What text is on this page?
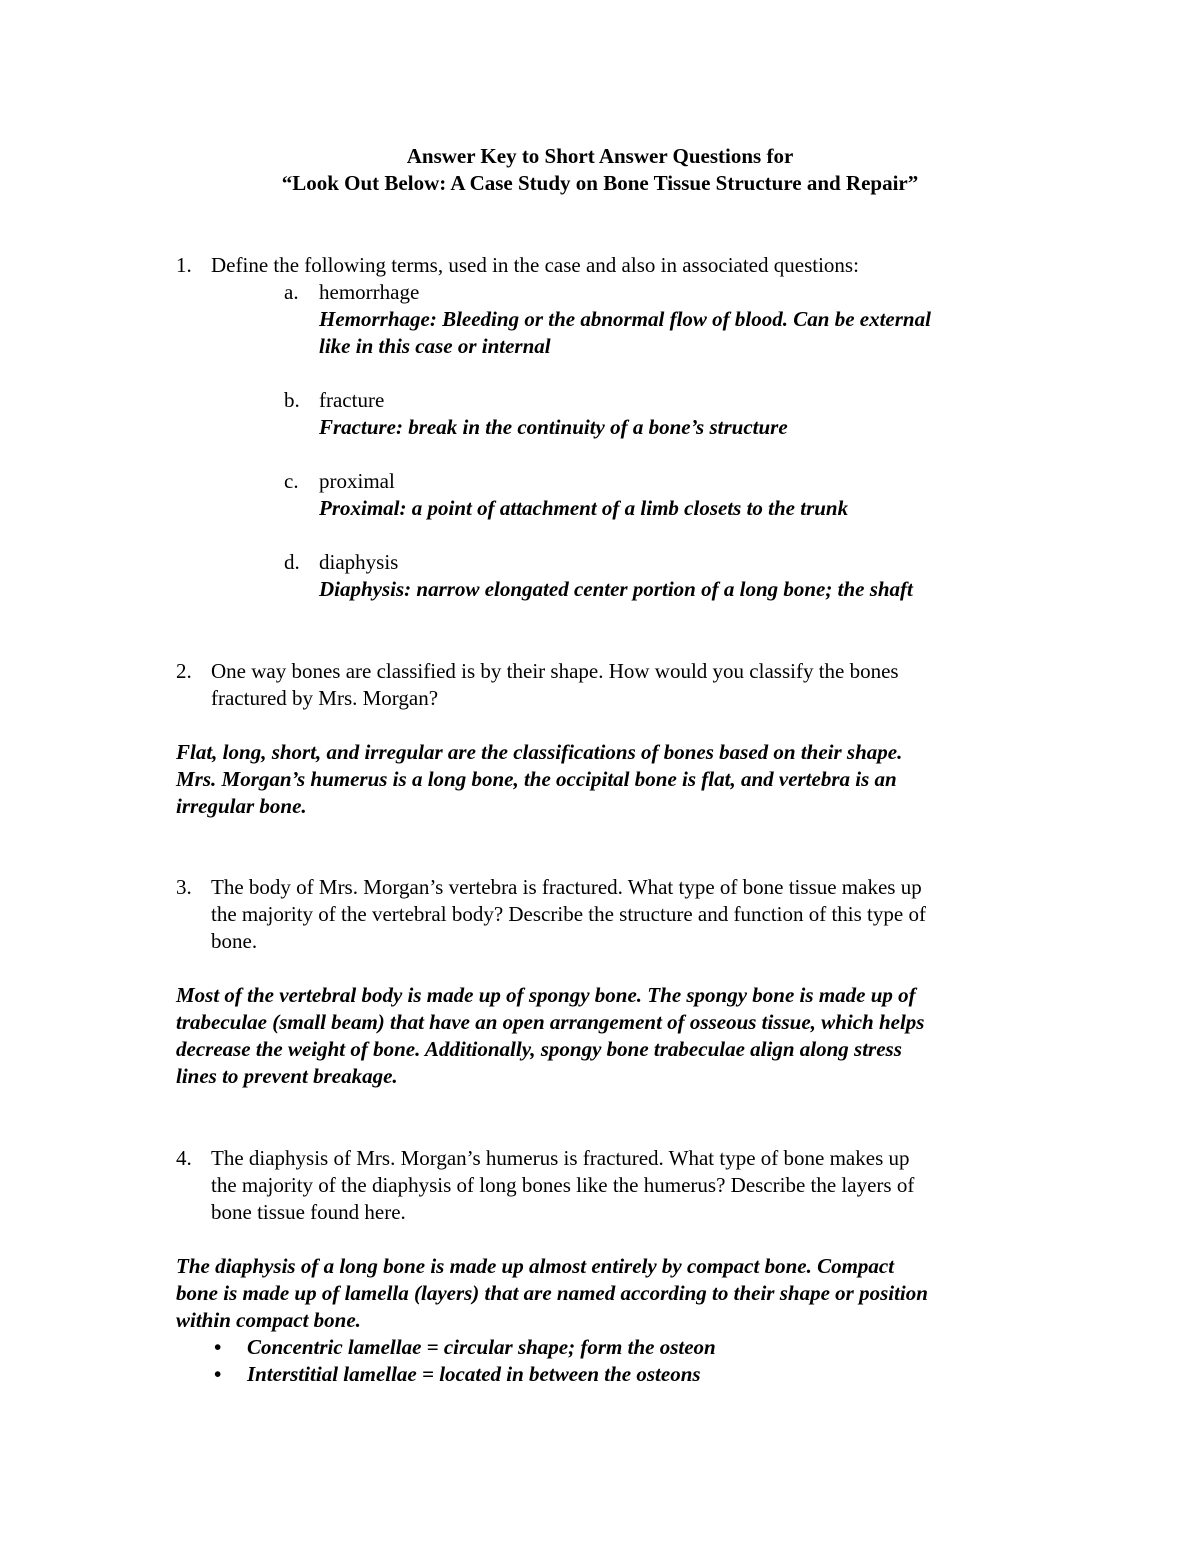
Answer Key to Short Answer Questions for
“Look Out Below: A Case Study on Bone Tissue Structure and Repair”
1. Define the following terms, used in the case and also in associated questions:
a. hemorrhage
Hemorrhage: Bleeding or the abnormal flow of blood. Can be external
like in this case or internal
b. fracture
Fracture: break in the continuity of a bone’s structure
c. proximal
Proximal: a point of attachment of a limb closets to the trunk
d. diaphysis
Diaphysis: narrow elongated center portion of a long bone; the shaft
2. One way bones are classified is by their shape. How would you classify the bones
fractured by Mrs. Morgan?
Flat, long, short, and irregular are the classifications of bones based on their shape.
Mrs. Morgan’s humerus is a long bone, the occipital bone is flat, and vertebra is an
irregular bone.
3. The body of Mrs. Morgan’s vertebra is fractured. What type of bone tissue makes up
the majority of the vertebral body? Describe the structure and function of this type of
bone.
Most of the vertebral body is made up of spongy bone. The spongy bone is made up of
trabeculae (small beam) that have an open arrangement of osseous tissue, which helps
decrease the weight of bone. Additionally, spongy bone trabeculae align along stress
lines to prevent breakage.
4. The diaphysis of Mrs. Morgan’s humerus is fractured. What type of bone makes up
the majority of the diaphysis of long bones like the humerus? Describe the layers of
bone tissue found here.
The diaphysis of a long bone is made up almost entirely by compact bone. Compact
bone is made up of lamella (layers) that are named according to their shape or position
within compact bone.
• Concentric lamellae = circular shape; form the osteon
• Interstitial lamellae = located in between the osteons
